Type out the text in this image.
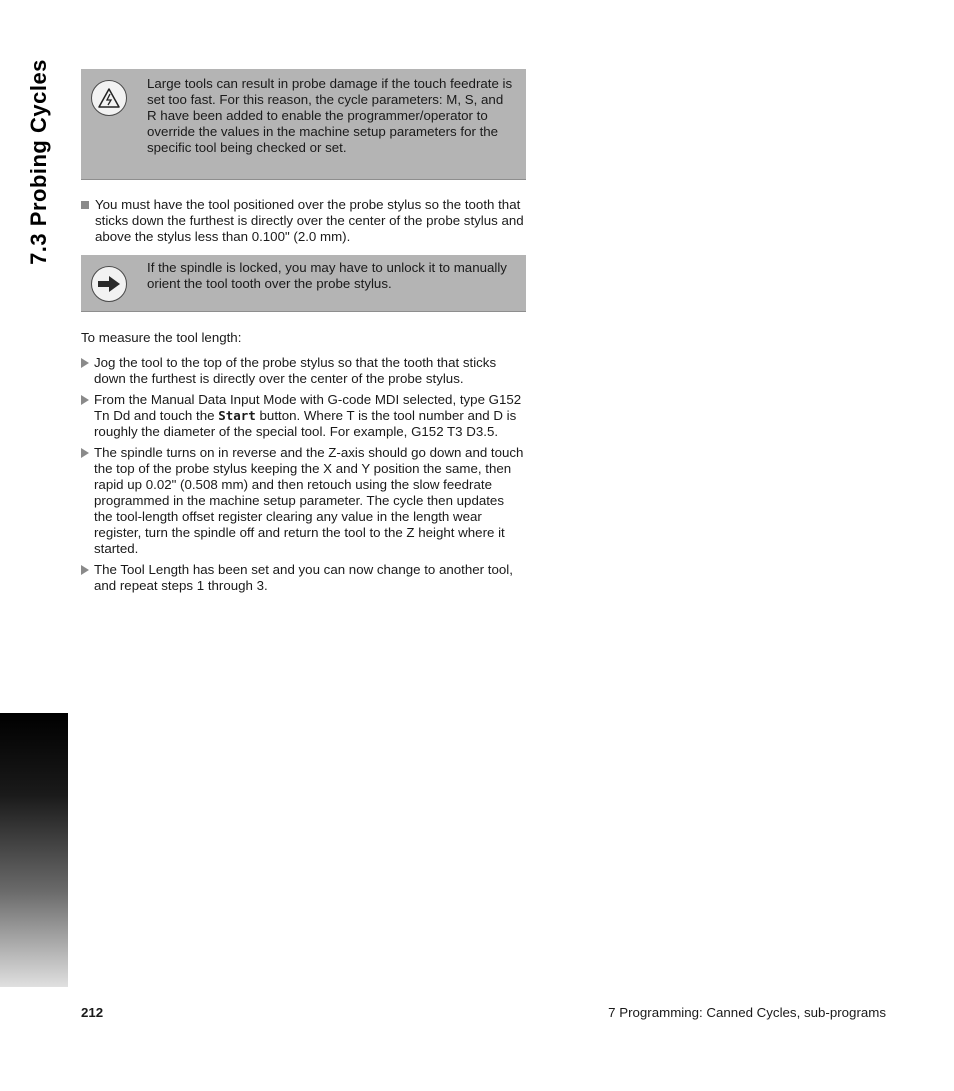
7.3 Probing Cycles	Large tools can result in probe damage if the touch feedrate is set too fast. For this reason, the cycle parameters: M, S, and R have been added to enable the programmer/operator to override the values in the machine setup parameters for the specific tool being checked or set.
You must have the tool positioned over the probe stylus so the tooth that sticks down the furthest is directly over the center of the probe stylus and above the stylus less than 0.100" (2.0 mm).
If the spindle is locked, you may have to unlock it to manually orient the tool tooth over the probe stylus.
To measure the tool length:
Jog the tool to the top of the probe stylus so that the tooth that sticks down the furthest is directly over the center of the probe stylus.
From the Manual Data Input Mode with G-code MDI selected, type G152 Tn Dd and touch the Start button. Where T is the tool number and D is roughly the diameter of the special tool. For example, G152 T3 D3.5.
The spindle turns on in reverse and the Z-axis should go down and touch the top of the probe stylus keeping the X and Y position the same, then rapid up 0.02" (0.508 mm) and then retouch using the slow feedrate programmed in the machine setup parameter. The cycle then updates the tool-length offset register clearing any value in the length wear register, turn the spindle off and return the tool to the Z height where it started.
The Tool Length has been set and you can now change to another tool, and repeat steps 1 through 3.
212	7 Programming: Canned Cycles, sub-programs
